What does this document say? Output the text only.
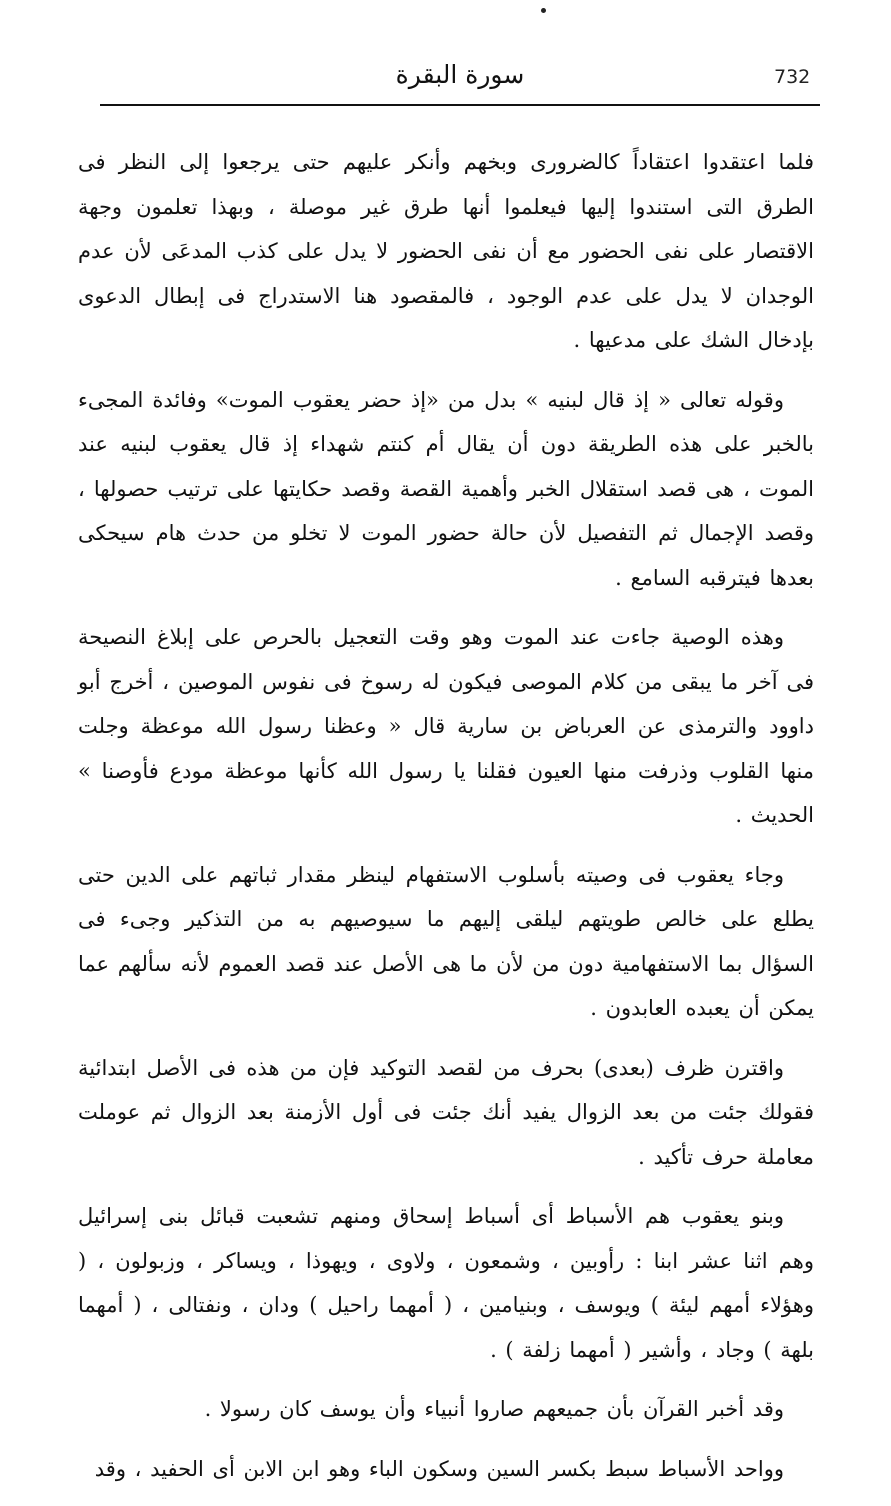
732
سورة البقرة

فلما اعتقدوا اعتقاداً كالضرورى وبخهم وأنكر عليهم حتى يرجعوا إلى النظر فى الطرق التى استندوا إليها فيعلموا أنها طرق غير موصلة ، وبهذا تعلمون وجهة الاقتصار على نفى الحضور مع أن نفى الحضور لا يدل على كذب المدعَى لأن عدم الوجدان لا يدل على عدم الوجود ، فالمقصود هنا الاستدراج فى إبطال الدعوى بإدخال الشك على مدعيها .

وقوله تعالى « إذ قال لبنيه » بدل من «إذ حضر يعقوب الموت» وفائدة المجىء بالخبر على هذه الطريقة دون أن يقال أم كنتم شهداء إذ قال يعقوب لبنيه عند الموت ، هى قصد استقلال الخبر وأهمية القصة وقصد حكايتها على ترتيب حصولها ، وقصد الإجمال ثم التفصيل لأن حالة حضور الموت لا تخلو من حدث هام سيحكى بعدها فيترقبه السامع .

وهذه الوصية جاءت عند الموت وهو وقت التعجيل بالحرص على إبلاغ النصيحة فى آخر ما يبقى من كلام الموصى فيكون له رسوخ فى نفوس الموصين ، أخرج أبو داوود والترمذى عن العرباض بن سارية قال « وعظنا رسول الله موعظة وجلت منها القلوب وذرفت منها العيون فقلنا يا رسول الله كأنها موعظة مودع فأوصنا » الحديث .

وجاء يعقوب فى وصيته بأسلوب الاستفهام لينظر مقدار ثباتهم على الدين حتى يطلع على خالص طويتهم ليلقى إليهم ما سيوصيهم به من التذكير وجىء فى السؤال بما الاستفهامية دون من لأن ما هى الأصل عند قصد العموم لأنه سألهم عما يمكن أن يعبده العابدون .

واقترن ظرف (بعدى) بحرف من لقصد التوكيد فإن من هذه فى الأصل ابتدائية فقولك جئت من بعد الزوال يفيد أنك جئت فى أول الأزمنة بعد الزوال ثم عوملت معاملة حرف تأكيد .

وبنو يعقوب هم الأسباط أى أسباط إسحاق ومنهم تشعبت قبائل بنى إسرائيل وهم اثنا عشر ابنا : رأوبين ، وشمعون ، ولاوى ، ويهوذا ، ويساكر ، وزبولون ، ( وهؤلاء أمهم ليئة ) ويوسف ، وبنيامين ، ( أمهما راحيل ) ودان ، ونفتالى ، ( أمهما بلهة ) وجاد ، وأشير ( أمهما زلفة ) .

وقد أخبر القرآن بأن جميعهم صاروا أنبياء وأن يوسف كان رسولا .

وواحد الأسباط سبط بكسر السين وسكون الباء وهو ابن الابن أى الحفيد ، وقد
